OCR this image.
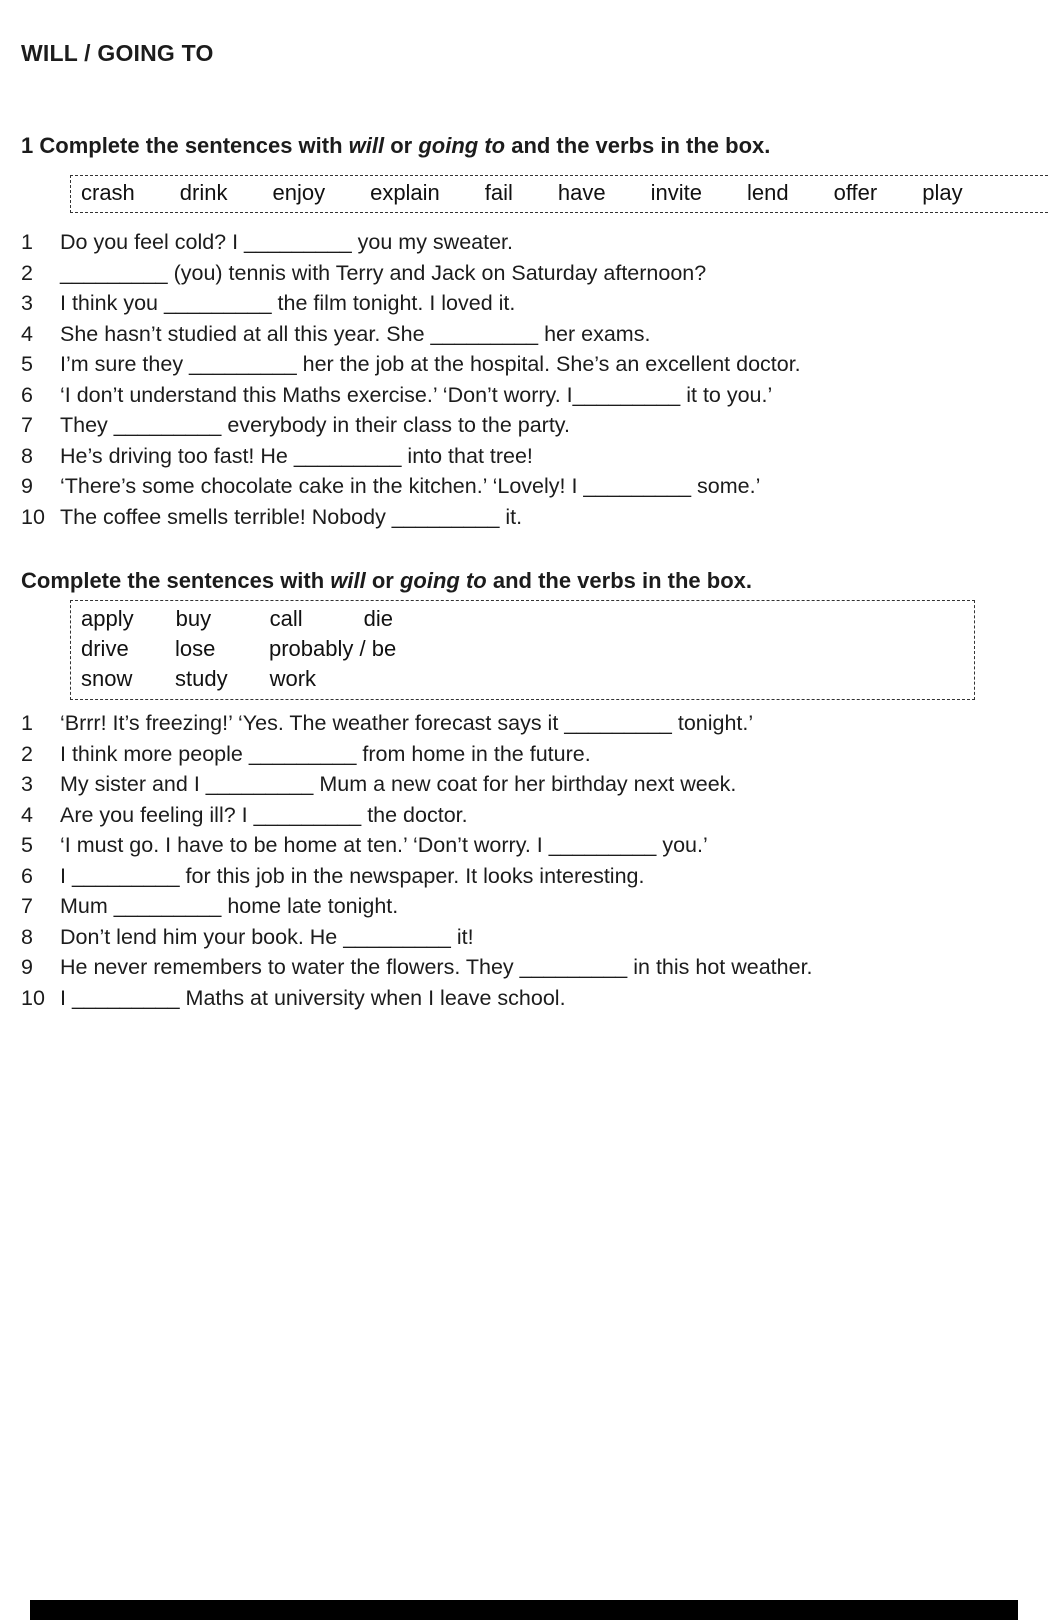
WILL / GOING TO

1 Complete the sentences with will or going to and the verbs in the box.

crash drink enjoy explain fail have invite lend offer play
1	Do you feel cold? I _________ you my sweater.
2	_________ (you) tennis with Terry and Jack on Saturday afternoon?
3	I think you _________ the film tonight. I loved it.
4	She hasn’t studied at all this year. She _________ her exams.
5	I’m sure they _________ her the job at the hospital. She’s an excellent doctor.
6	‘I don’t understand this Maths exercise.’ ‘Don’t worry. I_________ it to you.’
7	They _________ everybody in their class to the party.
8	He’s driving too fast! He _________ into that tree!
9	‘There’s some chocolate cake in the kitchen.’ ‘Lovely! I _________ some.’
10 The coffee smells terrible! Nobody _________ it.

Complete the sentences with will or going to and the verbs in the box.

apply buy	call	die
drive lose probably / be
snow study work
1	‘Brrr! It’s freezing!’ ‘Yes. The weather forecast says it _________ tonight.’
2	I think more people _________ from home in the future.
3	My sister and I _________ Mum a new coat for her birthday next week.
4	Are you feeling ill? I _________ the doctor.
5	‘I must go. I have to be home at ten.’ ‘Don’t worry. I _________ you.’
6	I _________ for this job in the newspaper. It looks interesting.
7	Mum _________ home late tonight.
8	Don’t lend him your book. He _________ it!
9	He never remembers to water the flowers. They _________ in this hot weather.
10 I _________ Maths at university when I leave school.
